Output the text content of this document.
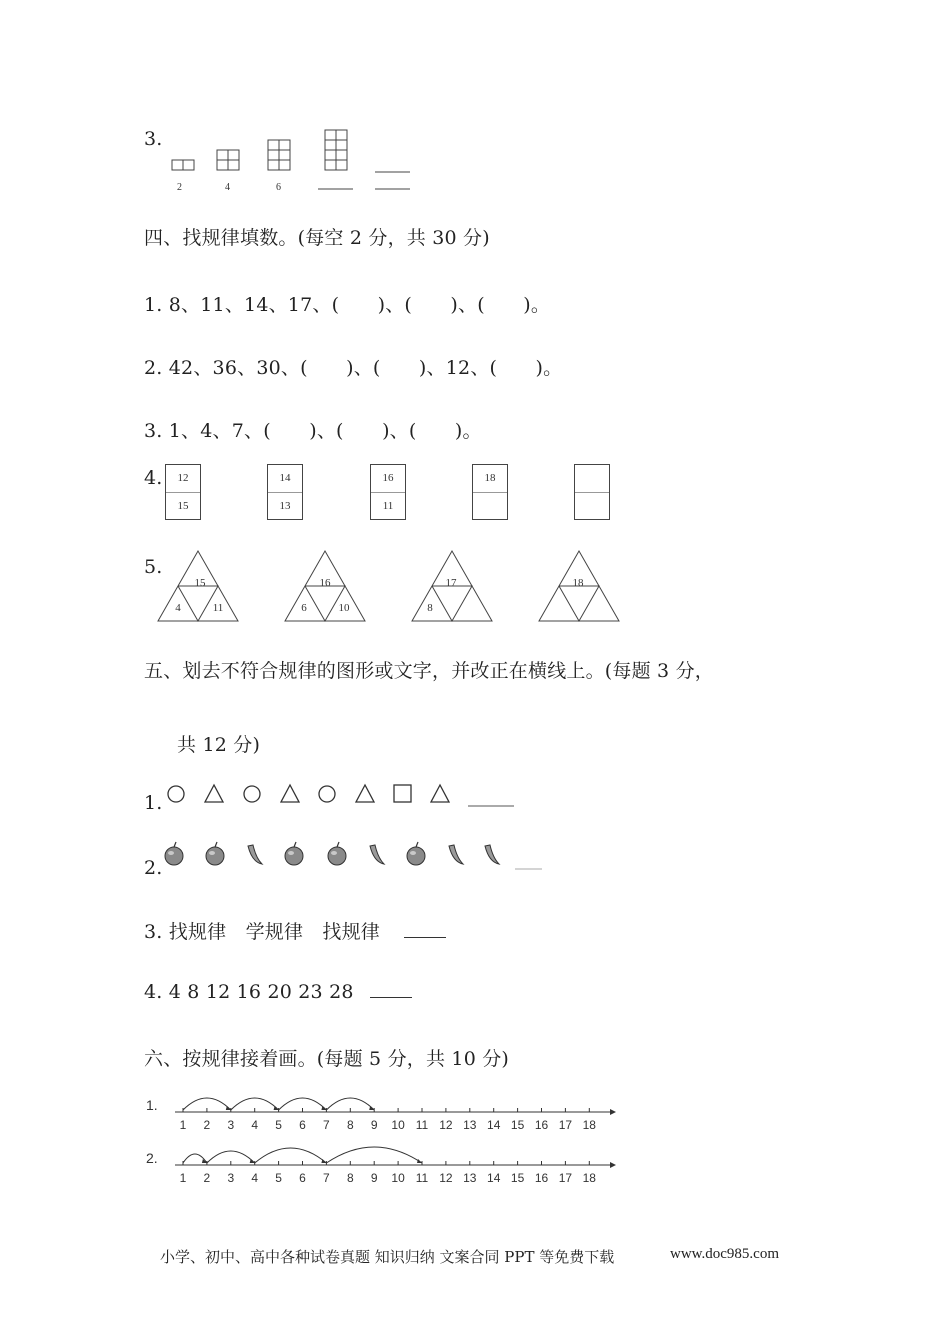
3.
2	4	6
四、找规律填数。(每空 2 分，共 30 分)
1. 8、11、14、17、(　　)、(　　)、(　　)。
2. 42、36、30、(　　)、(　　)、12、(　　)。
3. 1、4、7、(　　)、(　　)、(　　)。
4.	12
15
14
13
16
11
18
5.
15
4	11
16
6	10
17
8
18
五、划去不符合规律的图形或文字，并改正在横线上。(每题 3 分，
共 12 分)
1.
2.
3. 找规律　学规律　找规律
4. 4 8 12 16 20 23 28
六、按规律接着画。(每题 5 分，共 10 分)
1.
1 2 3 4 5 6 7 8 9 10 11 12 13 14 15 16 17 18
2.
1 2 3 4 5 6 7 8 9 10 11 12 13 14 15 16 17 18
小学、初中、高中各种试卷真题 知识归纳 文案合同 PPT 等免费下载	www.doc985.com
